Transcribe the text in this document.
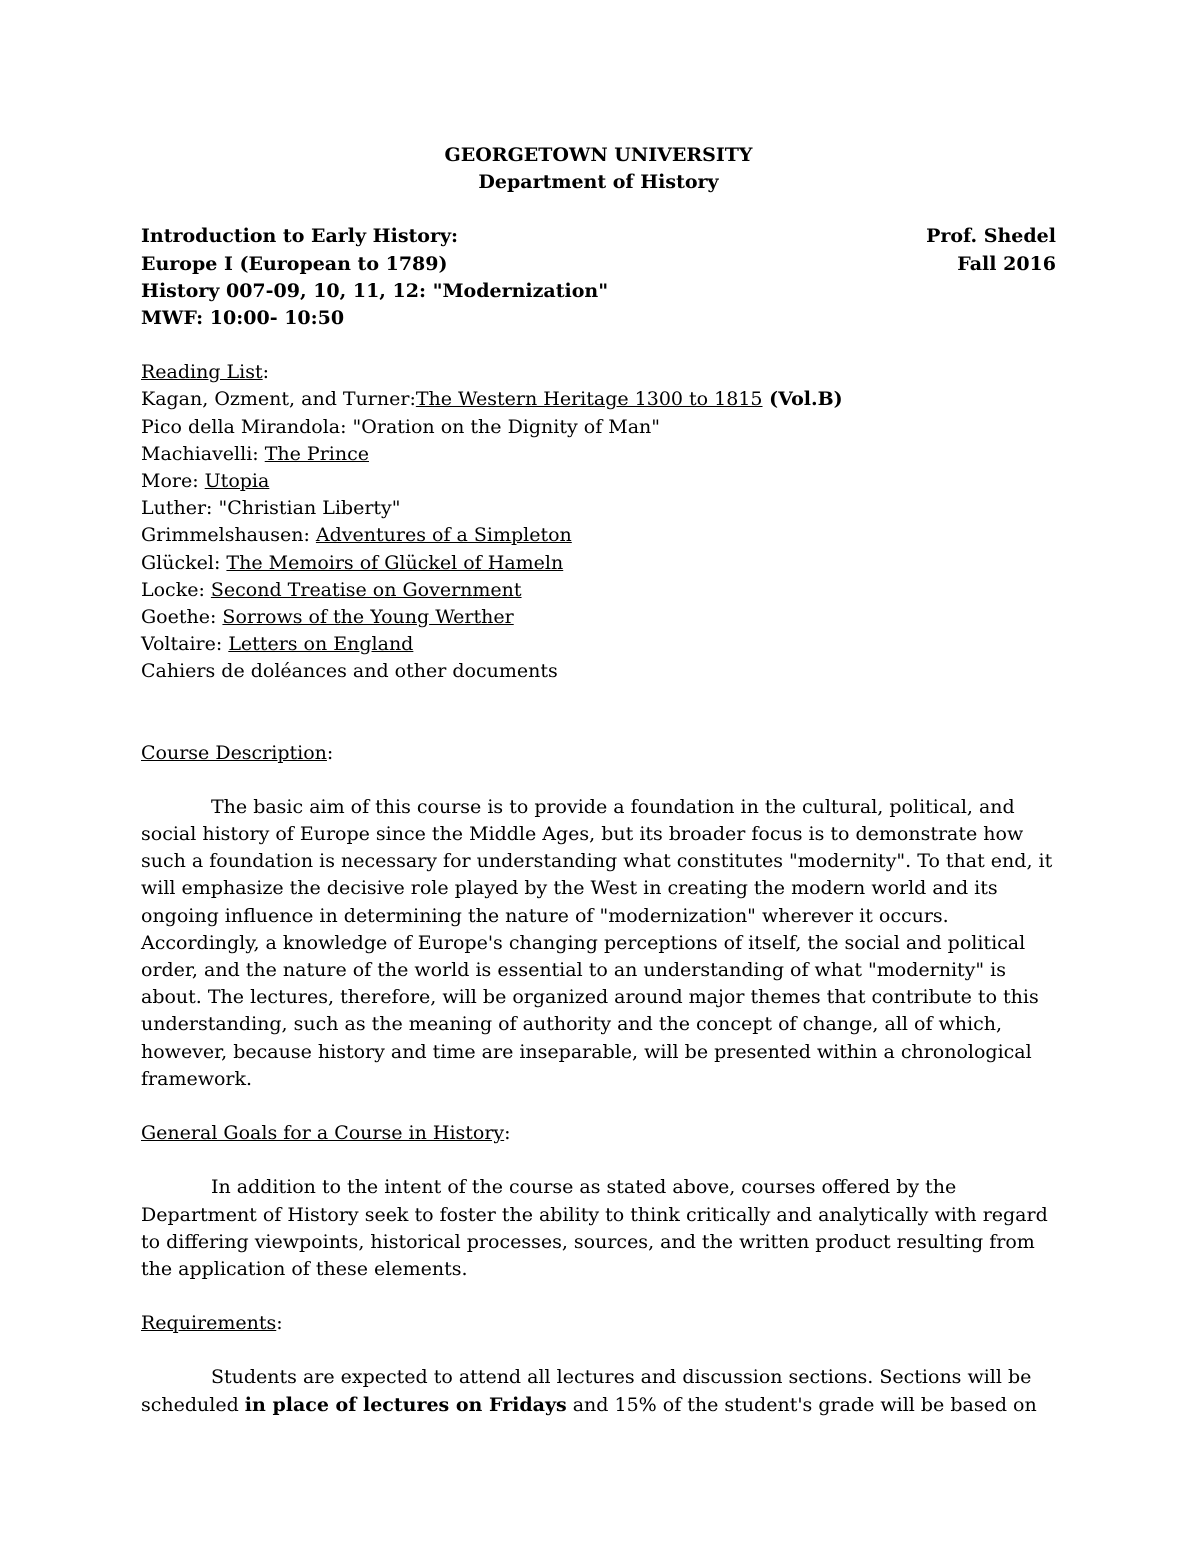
GEORGETOWN UNIVERSITY
Department of History
Introduction to Early History:	Prof. Shedel
Europe I (European to 1789)	Fall 2016
History 007-09, 10, 11, 12: "Modernization"
MWF: 10:00- 10:50
Reading List:
Kagan, Ozment, and Turner:The Western Heritage 1300 to 1815 (Vol.B)
Pico della Mirandola: "Oration on the Dignity of Man"
Machiavelli: The Prince
More: Utopia
Luther: "Christian Liberty"
Grimmelshausen: Adventures of a Simpleton
Glückel: The Memoirs of Glückel of Hameln
Locke: Second Treatise on Government
Goethe: Sorrows of the Young Werther
Voltaire: Letters on England
Cahiers de doléances and other documents
Course Description:

The basic aim of this course is to provide a foundation in the cultural, political, and social history of Europe since the Middle Ages, but its broader focus is to demonstrate how such a foundation is necessary for understanding what constitutes "modernity". To that end, it will emphasize the decisive role played by the West in creating the modern world and its ongoing influence in determining the nature of "modernization" wherever it occurs. Accordingly, a knowledge of Europe's changing perceptions of itself, the social and political order, and the nature of the world is essential to an understanding of what "modernity" is about. The lectures, therefore, will be organized around major themes that contribute to this understanding, such as the meaning of authority and the concept of change, all of which, however, because history and time are inseparable, will be presented within a chronological framework.

General Goals for a Course in History:

In addition to the intent of the course as stated above, courses offered by the Department of History seek to foster the ability to think critically and analytically with regard to differing viewpoints, historical processes, sources, and the written product resulting from the application of these elements.

Requirements:

Students are expected to attend all lectures and discussion sections. Sections will be scheduled in place of lectures on Fridays and 15% of the student's grade will be based on
